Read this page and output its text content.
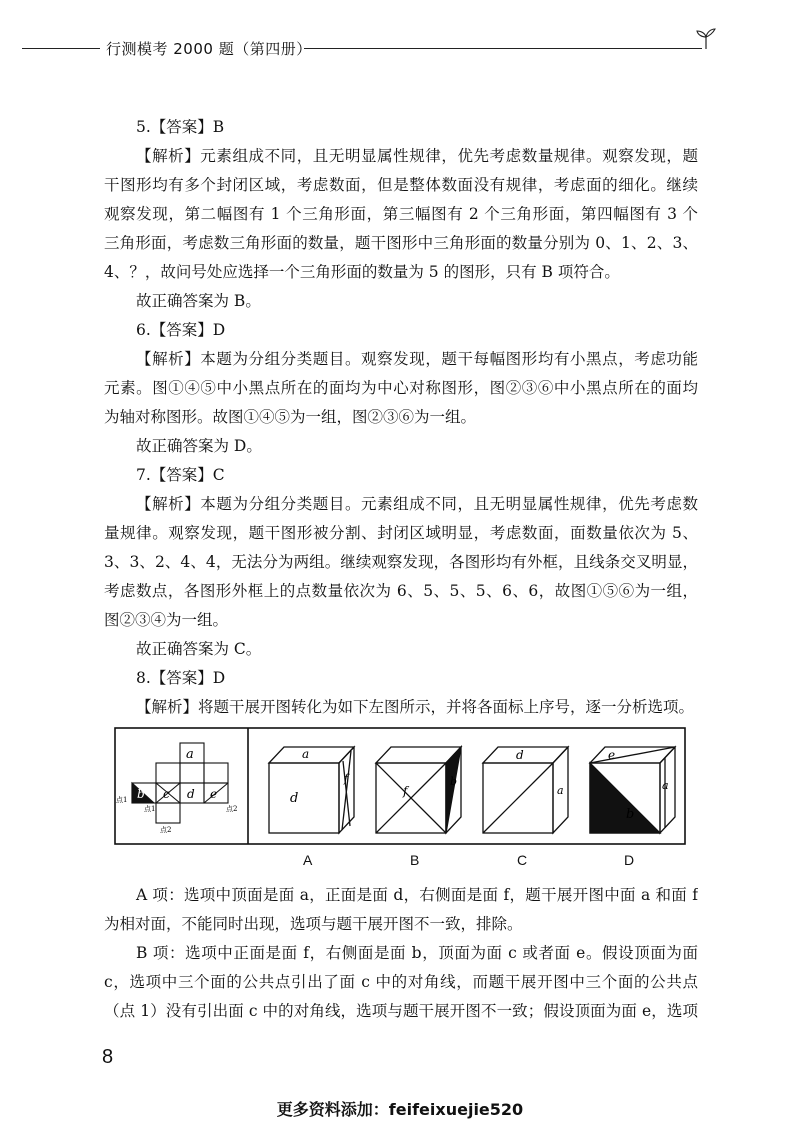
行测模考 2000 题（第四册）
5.【答案】B
【解析】元素组成不同，且无明显属性规律，优先考虑数量规律。观察发现，题
干图形均有多个封闭区域，考虑数面，但是整体数面没有规律，考虑面的细化。继续
观察发现，第二幅图有 1 个三角形面，第三幅图有 2 个三角形面，第四幅图有 3 个
三角形面，考虑数三角形面的数量，题干图形中三角形面的数量分别为 0、1、2、3、
4、？，故问号处应选择一个三角形面的数量为 5 的图形，只有 B 项符合。
故正确答案为 B。
6.【答案】D
【解析】本题为分组分类题目。观察发现，题干每幅图形均有小黑点，考虑功能
元素。图①④⑤中小黑点所在的面均为中心对称图形，图②③⑥中小黑点所在的面均
为轴对称图形。故图①④⑤为一组，图②③⑥为一组。
故正确答案为 D。
7.【答案】C
【解析】本题为分组分类题目。元素组成不同，且无明显属性规律，优先考虑数
量规律。观察发现，题干图形被分割、封闭区域明显，考虑数面，面数量依次为 5、
3、3、2、4、4，无法分为两组。继续观察发现，各图形均有外框，且线条交叉明显，
考虑数点，各图形外框上的点数量依次为 6、5、5、5、6、6，故图①⑤⑥为一组，
图②③④为一组。
故正确答案为 C。
8.【答案】D
【解析】将题干展开图转化为如下左图所示，并将各面标上序号，逐一分析选项。
a
b c d e
点1
点1	点2
点2
a
d
f
f
b
d
a
e
a
b
A	B	C	D
A 项：选项中顶面是面 a，正面是面 d，右侧面是面 f，题干展开图中面 a 和面 f
为相对面，不能同时出现，选项与题干展开图不一致，排除。
B 项：选项中正面是面 f，右侧面是面 b，顶面为面 c 或者面 e。假设顶面为面
c，选项中三个面的公共点引出了面 c 中的对角线，而题干展开图中三个面的公共点
（点 1）没有引出面 c 中的对角线，选项与题干展开图不一致；假设顶面为面 e，选项
8
更多资料添加：feifeixuejie520
